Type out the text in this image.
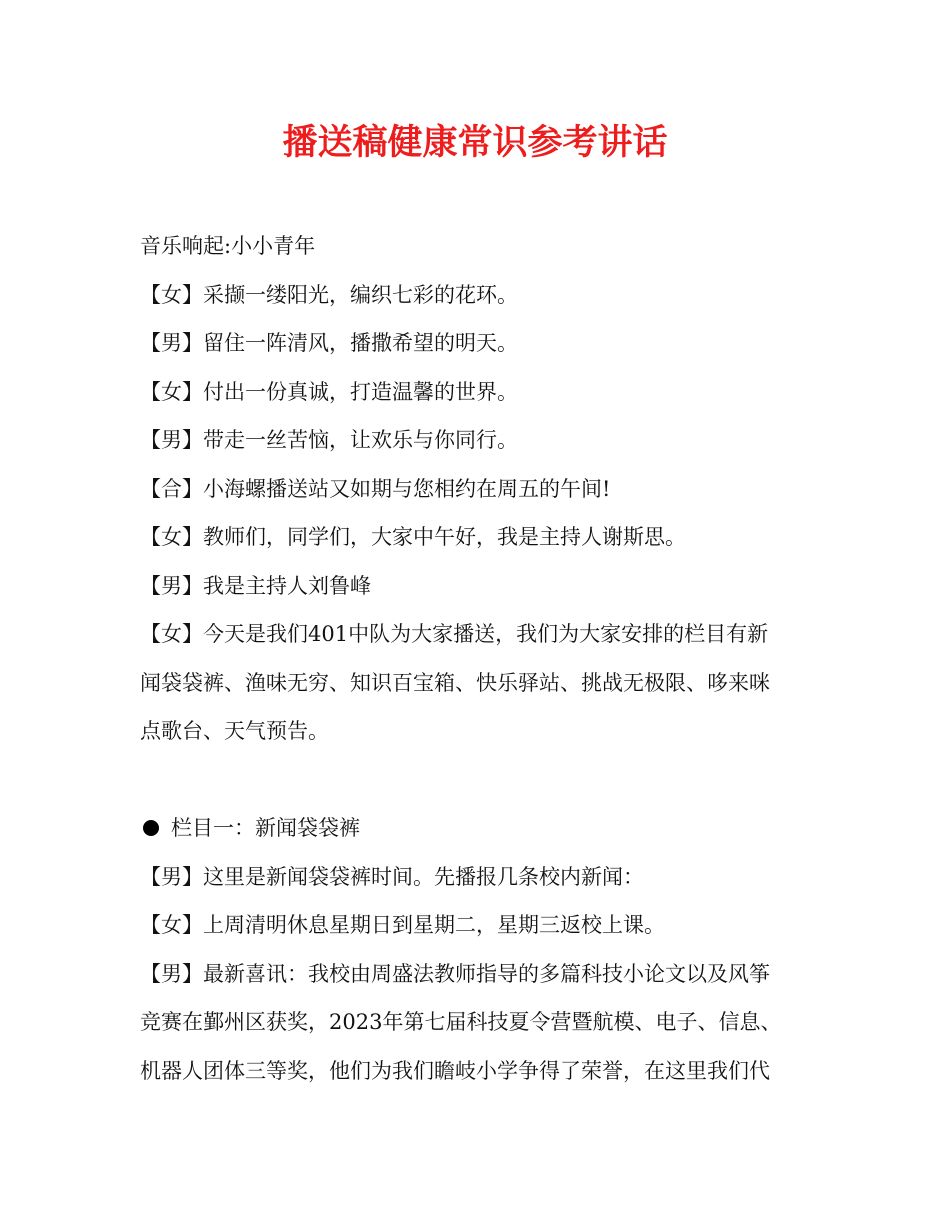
播送稿健康常识参考讲话

音乐响起:小小青年

【女】采撷一缕阳光，编织七彩的花环。

【男】留住一阵清风，播撒希望的明天。

【女】付出一份真诚，打造温馨的世界。

【男】带走一丝苦恼，让欢乐与你同行。

【合】小海螺播送站又如期与您相约在周五的午间!

【女】教师们，同学们，大家中午好，我是主持人谢斯思。

【男】我是主持人刘鲁峰

【女】今天是我们401中队为大家播送，我们为大家安排的栏目有新

闻袋袋裤、渔味无穷、知识百宝箱、快乐驿站、挑战无极限、哆来咪

点歌台、天气预告。

栏目一：新闻袋袋裤

【男】这里是新闻袋袋裤时间。先播报几条校内新闻：

【女】上周清明休息星期日到星期二，星期三返校上课。

【男】最新喜讯：我校由周盛法教师指导的多篇科技小论文以及风筝

竞赛在鄞州区获奖，2023年第七届科技夏令营暨航模、电子、信息、

机器人团体三等奖，他们为我们瞻岐小学争得了荣誉，在这里我们代
